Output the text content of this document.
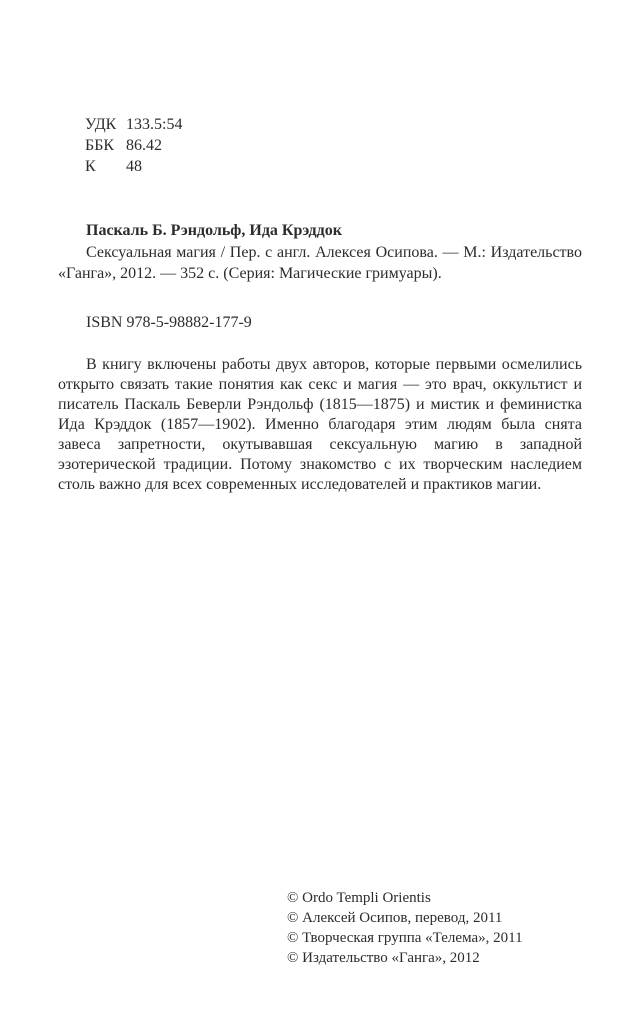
УДК 133.5:54
ББК 86.42
К 48

Паскаль Б. Рэндольф, Ида Крэддок

Сексуальная магия / Пер. с англ. Алексея Осипова. — М.: Издательство «Ганга», 2012. — 352 с. (Серия: Магические гримуары).

ISBN 978-5-98882-177-9

В книгу включены работы двух авторов, которые первыми осмелились открыто связать такие понятия как секс и магия — это врач, оккультист и писатель Паскаль Беверли Рэндольф (1815—1875) и мистик и феминистка Ида Крэддок (1857—1902). Именно благодаря этим людям была снята завеса запретности, окутывавшая сексуальную магию в западной эзотерической традиции. Потому знакомство с их творческим наследием столь важно для всех современных исследователей и практиков магии.

© Ordo Templi Orientis
© Алексей Осипов, перевод, 2011
© Творческая группа «Телема», 2011
© Издательство «Ганга», 2012
